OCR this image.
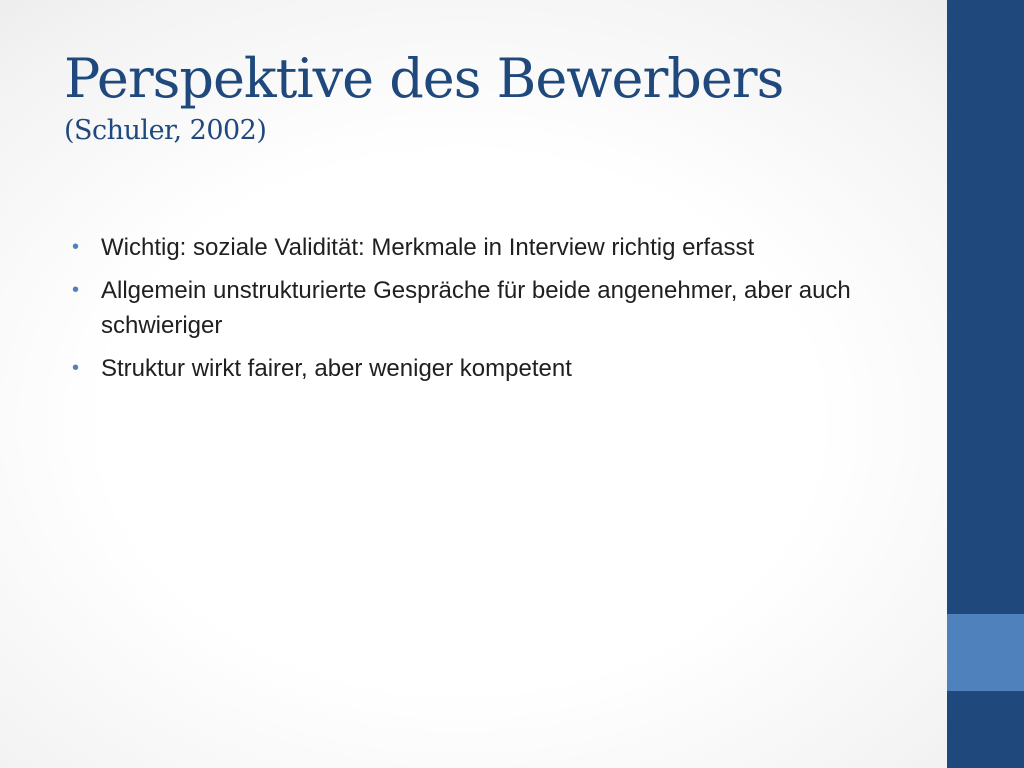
Perspektive des Bewerbers
(Schuler, 2002)
• Wichtig: soziale Validität: Merkmale in Interview richtig erfasst
• Allgemein unstrukturierte Gespräche für beide angenehmer, aber auch schwieriger
• Struktur wirkt fairer, aber weniger kompetent
